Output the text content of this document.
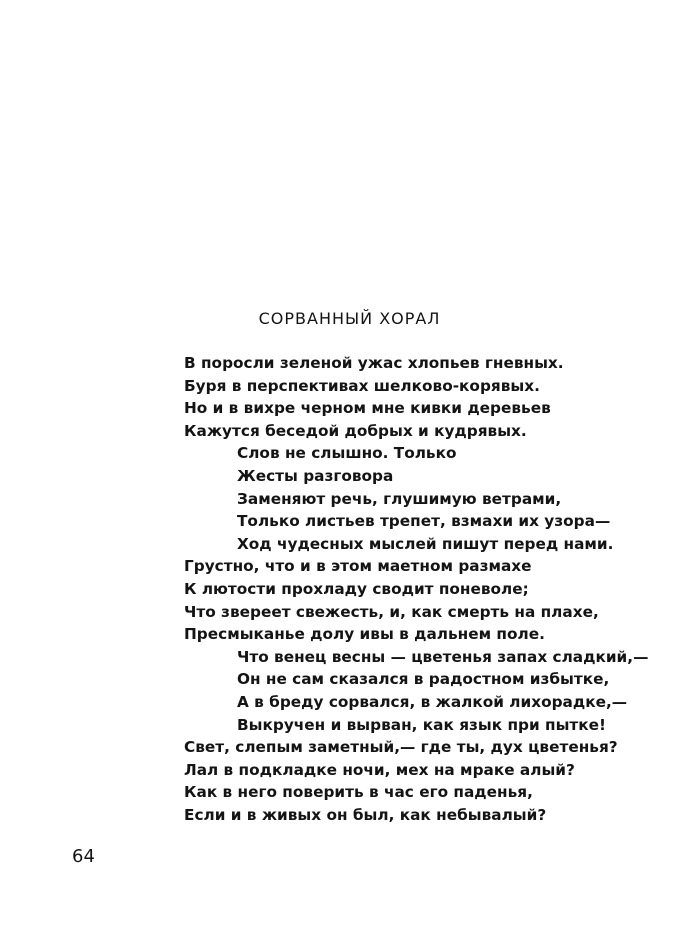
СОРВАННЫЙ ХОРАЛ
В поросли зеленой ужас хлопьев гневных.
Буря в перспективах шелково-корявых.
Но и в вихре черном мне кивки деревьев
Кажутся беседой добрых и кудрявых.
Слов не слышно. Только
Жесты разговора
Заменяют речь, глушимую ветрами,
Только листьев трепет, взмахи их узора—
Ход чудесных мыслей пишут перед нами.
Грустно, что и в этом маетном размахе
К лютости прохладу сводит поневоле;
Что звереет свежесть, и, как смерть на плахе,
Пресмыканье долу ивы в дальнем поле.
Что венец весны — цветенья запах сладкий,—
Он не сам сказался в радостном избытке,
А в бреду сорвался, в жалкой лихорадке,—
Выкручен и вырван, как язык при пытке!
Свет, слепым заметный,— где ты, дух цветенья?
Лал в подкладке ночи, мех на мраке алый?
Как в него поверить в час его паденья,
Если и в живых он был, как небывалый?
64
